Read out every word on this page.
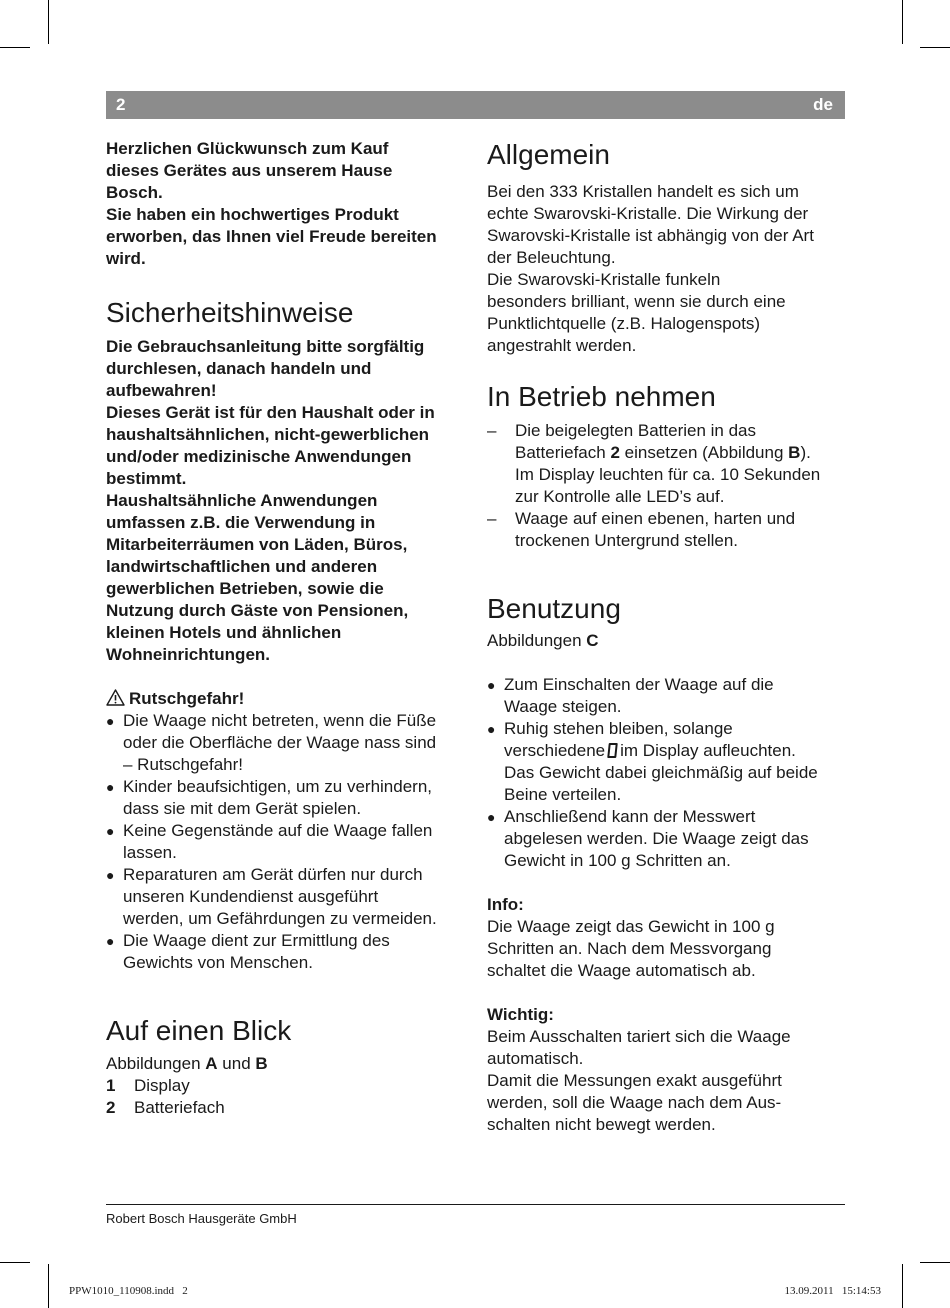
2	de
Herzlichen Glückwunsch zum Kauf
dieses Gerätes aus unserem Hause
Bosch.
Sie haben ein hochwertiges Produkt
erworben, das Ihnen viel Freude bereiten
wird.
Sicherheitshinweise
Die Gebrauchsanleitung bitte sorgfältig
durchlesen, danach handeln und
aufbewahren!
Dieses Gerät ist für den Haushalt oder in
haushaltsähnlichen, nicht-gewerblichen
und/oder medizinische Anwendungen
bestimmt.
Haushaltsähnliche Anwendungen
umfassen z.B. die Verwendung in
Mitarbeiterräumen von Läden, Büros,
landwirtschaftlichen und anderen
gewerblichen Betrieben, sowie die
Nutzung durch Gäste von Pensionen,
kleinen Hotels und ähnlichen
Wohneinrichtungen.
Rutschgefahr!
● Die Waage nicht betreten, wenn die Füße
oder die Oberfläche der Waage nass sind
– Rutschgefahr!
● Kinder beaufsichtigen, um zu verhindern,
dass sie mit dem Gerät spielen.
● Keine Gegenstände auf die Waage fallen
lassen.
● Reparaturen am Gerät dürfen nur durch
unseren Kundendienst ausgeführt
werden, um Gefährdungen zu vermeiden.
● Die Waage dient zur Ermittlung des
Gewichts von Menschen.
Auf einen Blick
Abbildungen A und B
1	Display
2	Batteriefach
Allgemein
Bei den 333 Kristallen handelt es sich um
echte Swarovski-Kristalle. Die Wirkung der
Swarovski-Kristalle ist abhängig von der Art
der Beleuchtung.
Die Swarovski-Kristalle funkeln
besonders brilliant, wenn sie durch eine
Punktlichtquelle (z.B. Halogenspots)
angestrahlt werden.
In Betrieb nehmen
– Die beigelegten Batterien in das
Batteriefach 2 einsetzen (Abbildung B).
Im Display leuchten für ca. 10 Sekunden
zur Kontrolle alle LED’s auf.
– Waage auf einen ebenen, harten und
trockenen Untergrund stellen.
Benutzung
Abbildungen C
● Zum Einschalten der Waage auf die
Waage steigen.
● Ruhig stehen bleiben, solange
verschiedene im Display aufleuchten.
Das Gewicht dabei gleichmäßig auf beide
Beine verteilen.
● Anschließend kann der Messwert
abgelesen werden. Die Waage zeigt das
Gewicht in 100 g Schritten an.
Info:
Die Waage zeigt das Gewicht in 100 g
Schritten an. Nach dem Messvorgang
schaltet die Waage automatisch ab.
Wichtig:
Beim Ausschalten tariert sich die Waage
automatisch.
Damit die Messungen exakt ausgeführt
werden, soll die Waage nach dem Aus-
schalten nicht bewegt werden.
Robert Bosch Hausgeräte GmbH
PPW1010_110908.indd   2	13.09.2011   15:14:53
